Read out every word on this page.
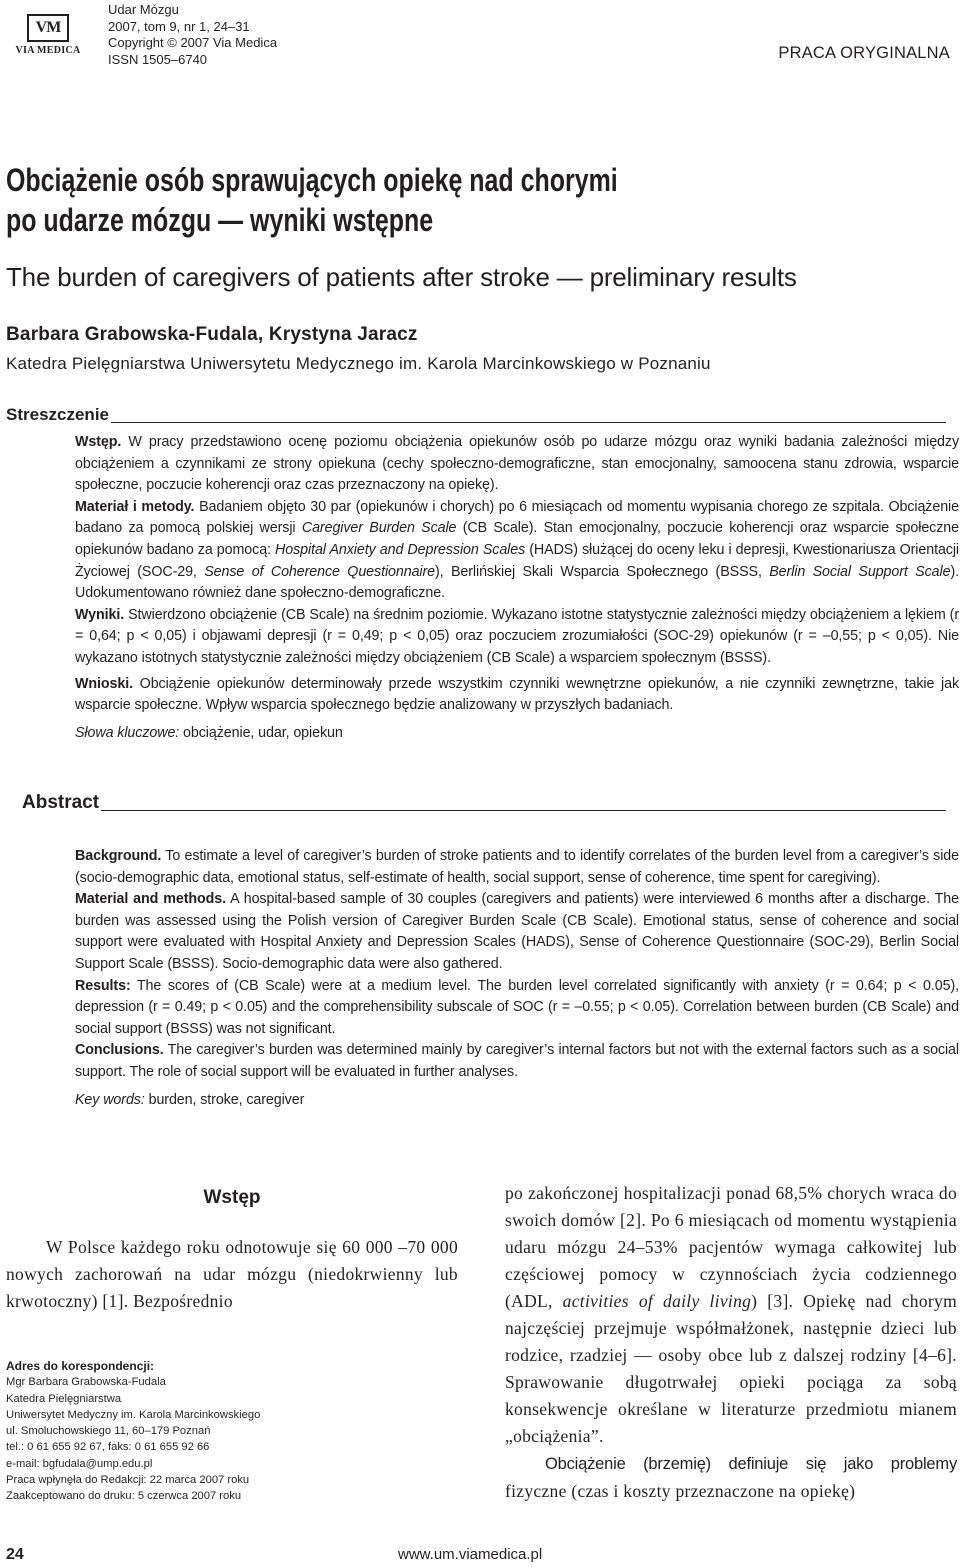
VM
VIA MEDICA
Udar Mózgu
2007, tom 9, nr 1, 24–31
Copyright © 2007 Via Medica
ISSN 1505–6740	PRACA ORYGINALNA
Obciążenie osób sprawujących opiekę nad chorymi
po udarze mózgu — wyniki wstępne
The burden of caregivers of patients after stroke — preliminary results
Barbara Grabowska-Fudala, Krystyna Jaracz
Katedra Pielęgniarstwa Uniwersytetu Medycznego im. Karola Marcinkowskiego w Poznaniu
Streszczenie

Wstęp. W pracy przedstawiono ocenę poziomu obciążenia opiekunów osób po udarze mózgu oraz wyniki badania zależności między obciążeniem a czynnikami ze strony opiekuna (cechy społeczno-demograficzne, stan emocjonalny, samoocena stanu zdrowia, wsparcie społeczne, poczucie koherencji oraz czas przeznaczony na opiekę).

Materiał i metody. Badaniem objęto 30 par (opiekunów i chorych) po 6 miesiącach od momentu wypisania chorego ze szpitala. Obciążenie badano za pomocą polskiej wersji Caregiver Burden Scale (CB Scale). Stan emocjonalny, poczucie koherencji oraz wsparcie społeczne opiekunów badano za pomocą: Hospital Anxiety and Depression Scales (HADS) służącej do oceny leku i depresji, Kwestionariusza Orientacji Życiowej (SOC-29, Sense of Coherence Questionnaire), Berlińskiej Skali Wsparcia Społecznego (BSSS, Berlin Social Support Scale). Udokumentowano również dane społeczno-demograficzne.

Wyniki. Stwierdzono obciążenie (CB Scale) na średnim poziomie. Wykazano istotne statystycznie zależności między obciążeniem a lękiem (r = 0,64; p < 0,05) i objawami depresji (r = 0,49; p < 0,05) oraz poczuciem zrozumiałości (SOC-29) opiekunów (r = –0,55; p < 0,05). Nie wykazano istotnych statystycznie zależności między obciążeniem (CB Scale) a wsparciem społecznym (BSSS).

Wnioski. Obciążenie opiekunów determinowały przede wszystkim czynniki wewnętrzne opiekunów, a nie czynniki zewnętrzne, takie jak wsparcie społeczne. Wpływ wsparcia społecznego będzie analizowany w przyszłych badaniach.

Słowa kluczowe: obciążenie, udar, opiekun

Abstract

Background. To estimate a level of caregiver’s burden of stroke patients and to identify correlates of the burden level from a caregiver’s side (socio-demographic data, emotional status, self-estimate of health, social support, sense of coherence, time spent for caregiving).

Material and methods. A hospital-based sample of 30 couples (caregivers and patients) were interviewed 6 months after a discharge. The burden was assessed using the Polish version of Caregiver Burden Scale (CB Scale). Emotional status, sense of coherence and social support were evaluated with Hospital Anxiety and Depression Scales (HADS), Sense of Coherence Questionnaire (SOC-29), Berlin Social Support Scale (BSSS). Socio-demographic data were also gathered.

Results: The scores of (CB Scale) were at a medium level. The burden level correlated significantly with anxiety (r = 0.64; p < 0.05), depression (r = 0.49; p < 0.05) and the comprehensibility subscale of SOC (r = –0.55; p < 0.05). Correlation between burden (CB Scale) and social support (BSSS) was not significant.

Conclusions. The caregiver’s burden was determined mainly by caregiver’s internal factors but not with the external factors such as a social support. The role of social support will be evaluated in further analyses.

Key words: burden, stroke, caregiver

Wstęp

W Polsce każdego roku odnotowuje się 60 000 –70 000 nowych zachorowań na udar mózgu (niedokrwienny lub krwotoczny) [1]. Bezpośrednio

po zakończonej hospitalizacji ponad 68,5% chorych wraca do swoich domów [2]. Po 6 miesiącach od momentu wystąpienia udaru mózgu 24–53% pacjentów wymaga całkowitej lub częściowej pomocy w czynnościach życia codziennego (ADL, activities of daily living) [3]. Opiekę nad chorym najczęściej przejmuje współmałżonek, następnie dzieci lub rodzice, rzadziej — osoby obce lub z dalszej rodziny [4–6]. Sprawowanie długotrwałej opieki pociąga za sobą konsekwencje określane w literaturze przedmiotu mianem „obciążenia”.

Obciążenie (brzemię) definiuje się jako problemy fizyczne (czas i koszty przeznaczone na opiekę)

Adres do korespondencji:
Mgr Barbara Grabowska-Fudala
Katedra Pielęgniarstwa
Uniwersytet Medyczny im. Karola Marcinkowskiego
ul. Smoluchowskiego 11, 60–179 Poznań
tel.: 0 61 655 92 67, faks: 0 61 655 92 66
e-mail: bgfudala@ump.edu.pl
Praca wpłynęła do Redakcji: 22 marca 2007 roku
Zaakceptowano do druku: 5 czerwca 2007 roku
24	www.um.viamedica.pl
